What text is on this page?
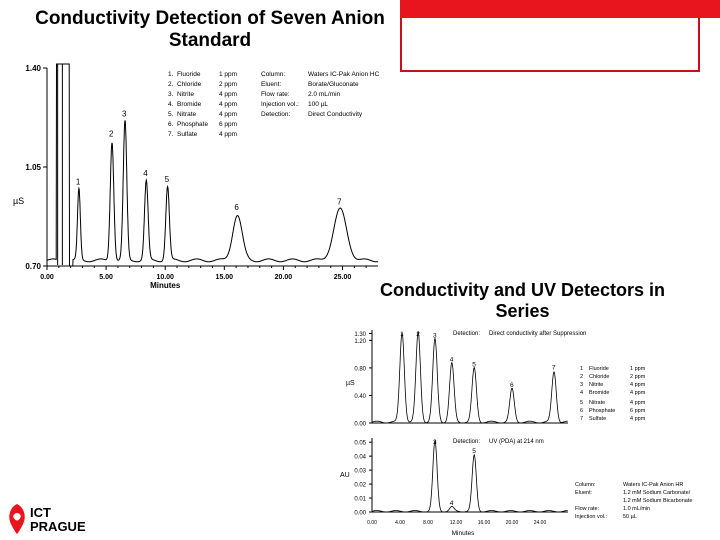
Conductivity Detection of Seven Anion Standard
Conductivity and UV Detectors in Series
0.70
1.05
1.40
µS
0.00	5.00	10.00	15.00	20.00	25.00
Minutes
1
2
3
4
5
6
7
1. Fluoride	1 ppm
2. Chloride	2 ppm
3. Nitrite	4 ppm
4. Bromide	4 ppm
5. Nitrate	4 ppm
6. Phosphate 6 ppm
7. Sulfate	4 ppm
Column:	Waters IC-Pak Anion HC
Eluent:	Borate/Gluconate
Flow rate:	2.0 mL/min
Injection vol.: 100 µL
Detection:	Direct Conductivity
0.00
0.40
0.80
1.20
1.30
µS
Detection: Direct conductivity after Suppression
1 2 3
4
5
6
7
0.00
0.01
0.02
0.03
0.04
0.05
AU
Detection: UV (PDA) at 214 nm
3
4
5
0.00	4.00	8.00	12.00	16.00	20.00	24.00
Minutes
1 Fluoride	1 ppm
2 Chloride	2 ppm
3 Nitrite	4 ppm
4 Bromide	4 ppm
5 Nitrate	4 ppm
6 Phosphate	6 ppm
7 Sulfate	4 ppm
Column:	Waters IC-Pak Anion HR
Eluent:	1.2 mM Sodium Carbonate/
1.2 mM Sodium Bicarbonate
Flow rate:	1.0 mL/min
Injection vol.:	50 µL
ICT
PRAGUE
